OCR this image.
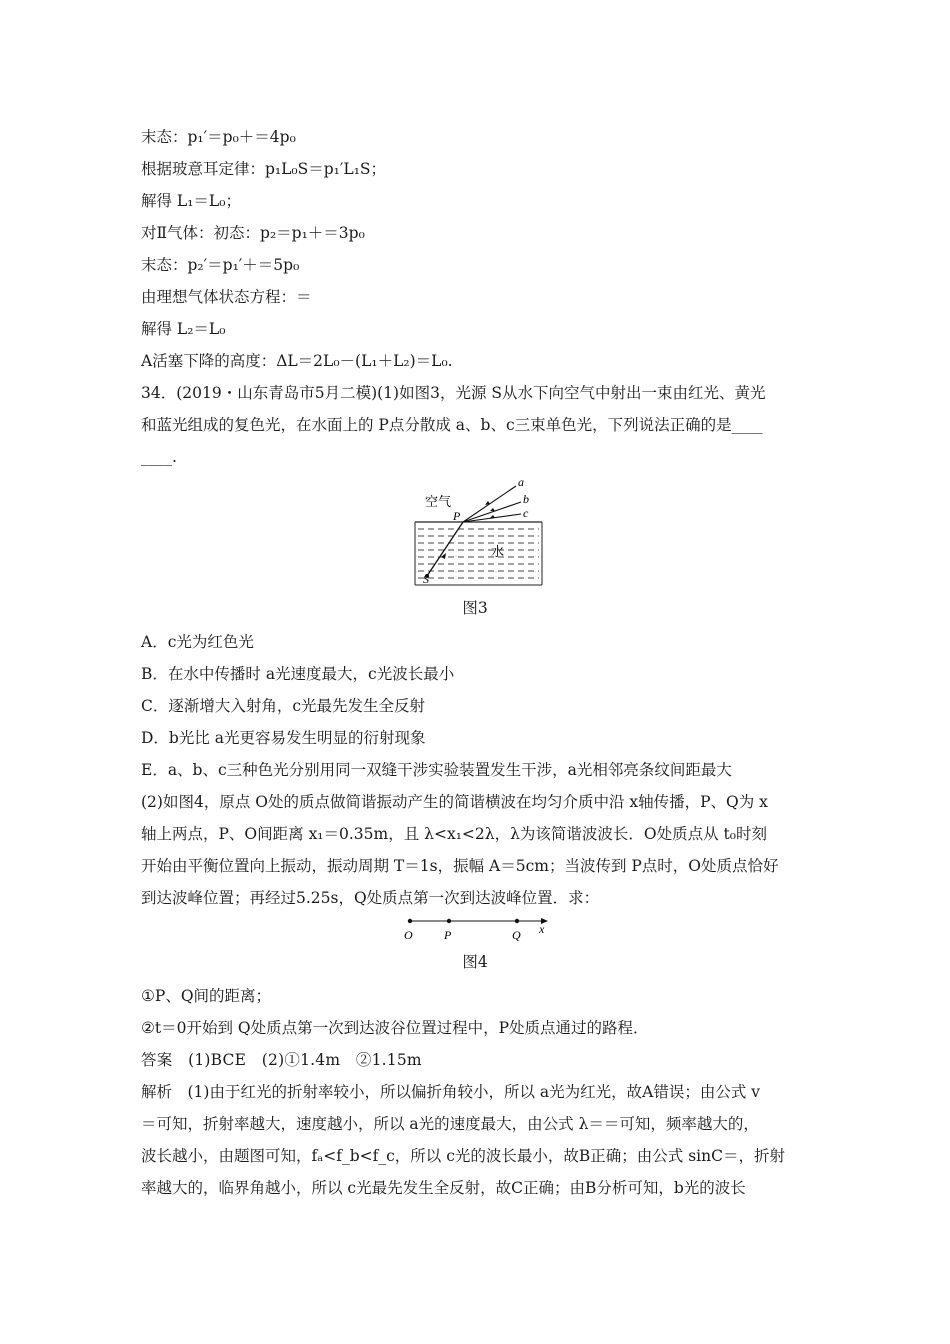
末态：p₁′＝p₀＋＝4p₀
根据玻意耳定律：p₁L₀S＝p₁′L₁S；
解得 L₁＝L₀；
对Ⅱ气体：初态：p₂＝p₁＋＝3p₀
末态：p₂′＝p₁′＋＝5p₀
由理想气体状态方程：＝
解得 L₂＝L₀
A活塞下降的高度：ΔL＝2L₀－(L₁＋L₂)＝L₀.
34．(2019・山东青岛市5月二模)(1)如图3，光源 S从水下向空气中射出一束由红光、黄光
和蓝光组成的复色光，在水面上的 P点分散成 a、b、c三束单色光，下列说法正确的是____
____.
空气
P
水
S
a
b
c
图3
A．c光为红色光
B．在水中传播时 a光速度最大，c光波长最小
C．逐渐增大入射角，c光最先发生全反射
D．b光比 a光更容易发生明显的衍射现象
E．a、b、c三种色光分别用同一双缝干涉实验装置发生干涉，a光相邻亮条纹间距最大
(2)如图4，原点 O处的质点做简谐振动产生的简谐横波在均匀介质中沿 x轴传播，P、Q为 x
轴上两点，P、O间距离 x₁＝0.35m，且 λ<x₁<2λ，λ为该简谐波波长．O处质点从 t₀时刻
开始由平衡位置向上振动，振动周期 T＝1s，振幅 A＝5cm；当波传到 P点时，O处质点恰好
到达波峰位置；再经过5.25s，Q处质点第一次到达波峰位置．求：
O	P	Q x
图4
①P、Q间的距离；
②t＝0开始到 Q处质点第一次到达波谷位置过程中，P处质点通过的路程．
答案　(1)BCE　(2)①1.4m　②1.15m
解析　(1)由于红光的折射率较小，所以偏折角较小，所以 a光为红光，故A错误；由公式 v
＝可知，折射率越大，速度越小，所以 a光的速度最大，由公式 λ＝＝可知，频率越大的，
波长越小，由题图可知，fₐ<f_b<f_c，所以 c光的波长最小，故B正确；由公式 sinC＝，折射
率越大的，临界角越小，所以 c光最先发生全反射，故C正确；由B分析可知，b光的波长
